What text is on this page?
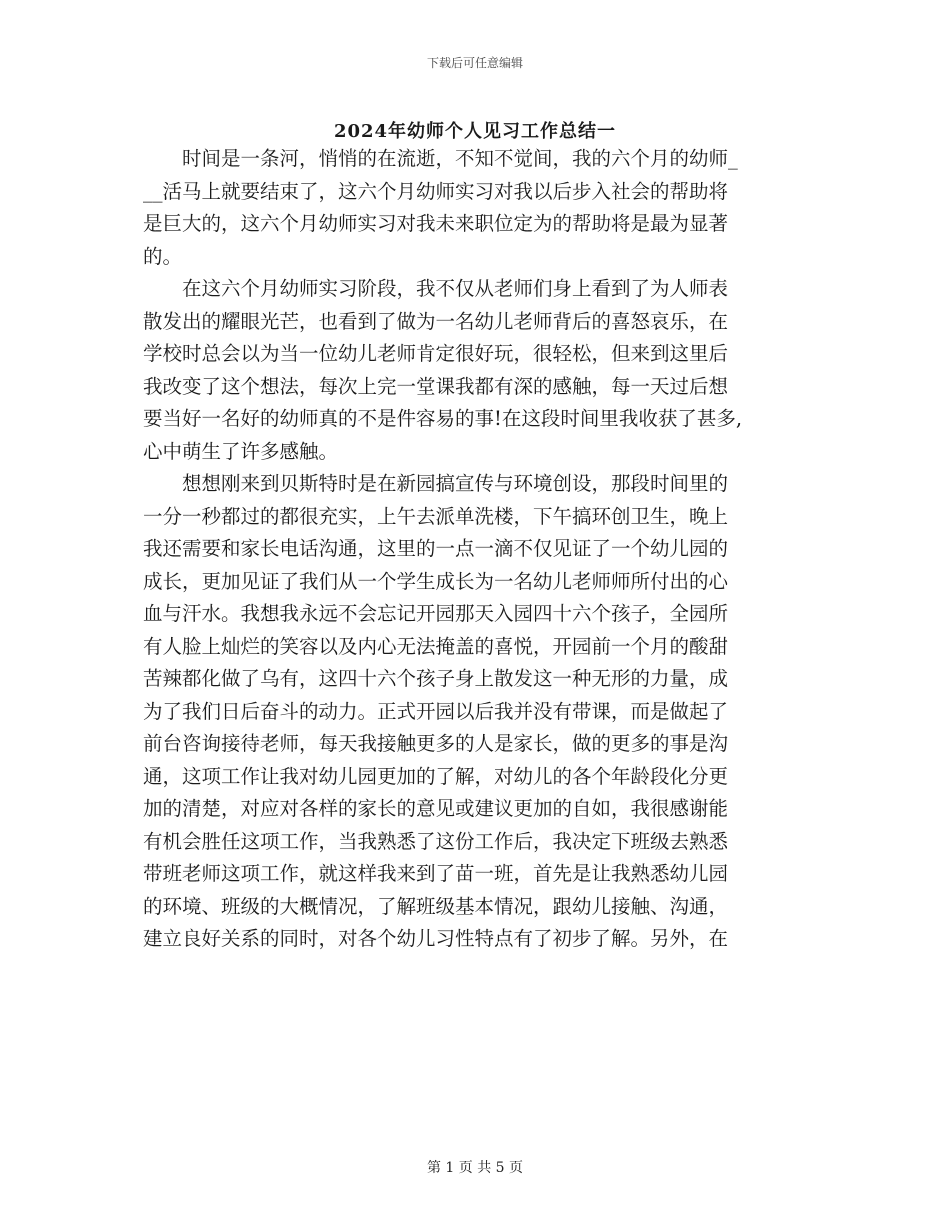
下载后可任意编辑
2024年幼师个人见习工作总结一
　　时间是一条河，悄悄的在流逝，不知不觉间，我的六个月的幼师_
__活马上就要结束了，这六个月幼师实习对我以后步入社会的帮助将
是巨大的，这六个月幼师实习对我未来职位定为的帮助将是最为显著
的。
　　在这六个月幼师实习阶段，我不仅从老师们身上看到了为人师表
散发出的耀眼光芒，也看到了做为一名幼儿老师背后的喜怒哀乐，在
学校时总会以为当一位幼儿老师肯定很好玩，很轻松，但来到这里后
我改变了这个想法，每次上完一堂课我都有深的感触，每一天过后想
要当好一名好的幼师真的不是件容易的事!在这段时间里我收获了甚多,
心中萌生了许多感触。
　　想想刚来到贝斯特时是在新园搞宣传与环境创设，那段时间里的
一分一秒都过的都很充实，上午去派单洗楼，下午搞环创卫生，晚上
我还需要和家长电话沟通，这里的一点一滴不仅见证了一个幼儿园的
成长，更加见证了我们从一个学生成长为一名幼儿老师师所付出的心
血与汗水。我想我永远不会忘记开园那天入园四十六个孩子，全园所
有人脸上灿烂的笑容以及内心无法掩盖的喜悦，开园前一个月的酸甜
苦辣都化做了乌有，这四十六个孩子身上散发这一种无形的力量，成
为了我们日后奋斗的动力。正式开园以后我并没有带课，而是做起了
前台咨询接待老师，每天我接触更多的人是家长，做的更多的事是沟
通，这项工作让我对幼儿园更加的了解，对幼儿的各个年龄段化分更
加的清楚，对应对各样的家长的意见或建议更加的自如，我很感谢能
有机会胜任这项工作，当我熟悉了这份工作后，我决定下班级去熟悉
带班老师这项工作，就这样我来到了苗一班，首先是让我熟悉幼儿园
的环境、班级的大概情况，了解班级基本情况，跟幼儿接触、沟通，
建立良好关系的同时，对各个幼儿习性特点有了初步了解。另外，在
第 1 页 共 5 页
